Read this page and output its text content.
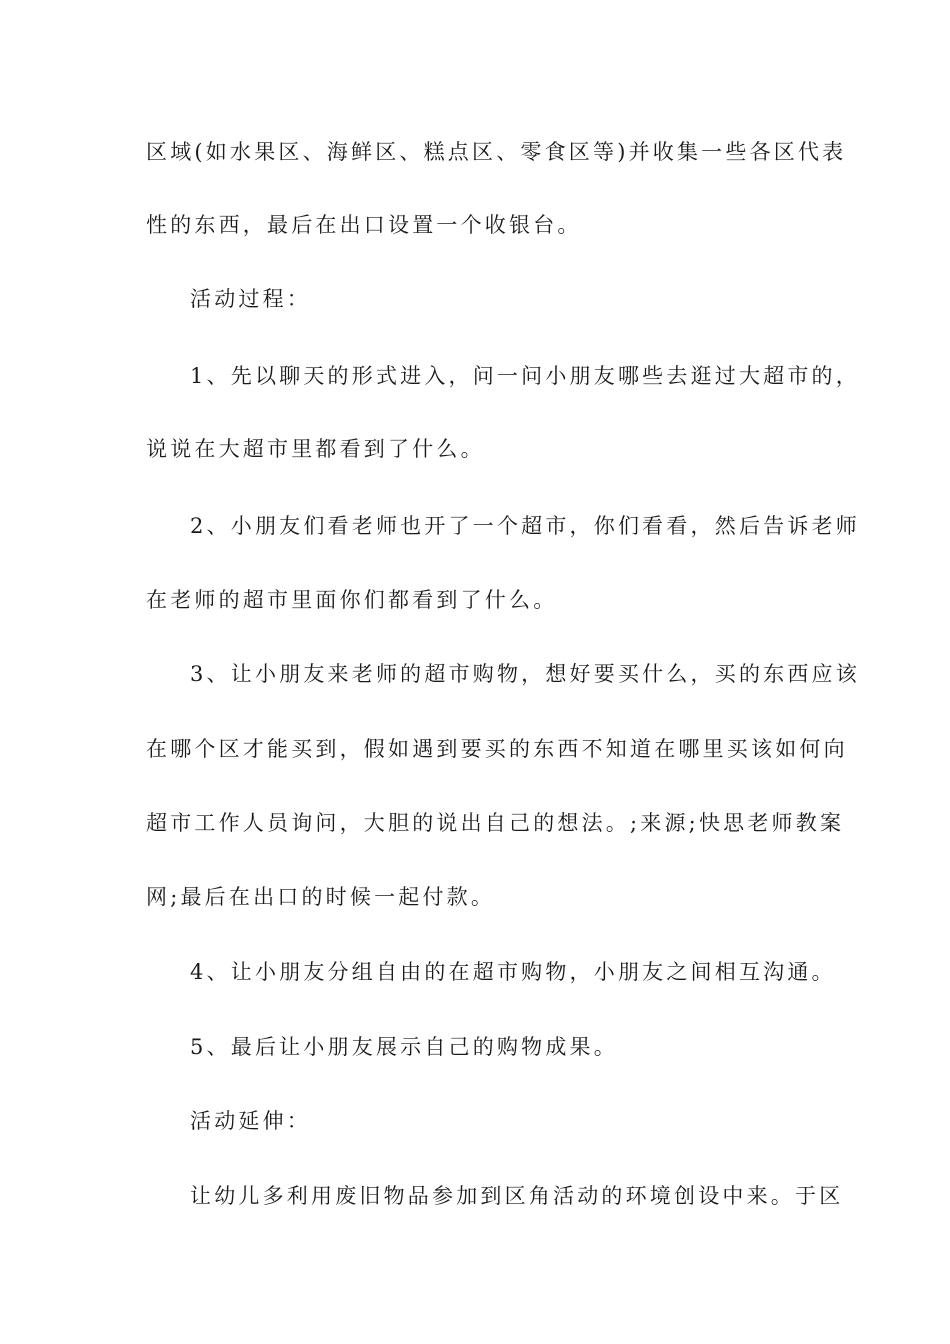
区域(如水果区、海鲜区、糕点区、零食区等)并收集一些各区代表
性的东西，最后在出口设置一个收银台。
活动过程：
1、先以聊天的形式进入，问一问小朋友哪些去逛过大超市的，
说说在大超市里都看到了什么。
2、小朋友们看老师也开了一个超市，你们看看，然后告诉老师
在老师的超市里面你们都看到了什么。
3、让小朋友来老师的超市购物，想好要买什么，买的东西应该
在哪个区才能买到，假如遇到要买的东西不知道在哪里买该如何向
超市工作人员询问，大胆的说出自己的想法。;来源;快思老师教案
网;最后在出口的时候一起付款。
4、让小朋友分组自由的在超市购物，小朋友之间相互沟通。
5、最后让小朋友展示自己的购物成果。
活动延伸：
让幼儿多利用废旧物品参加到区角活动的环境创设中来。于区
